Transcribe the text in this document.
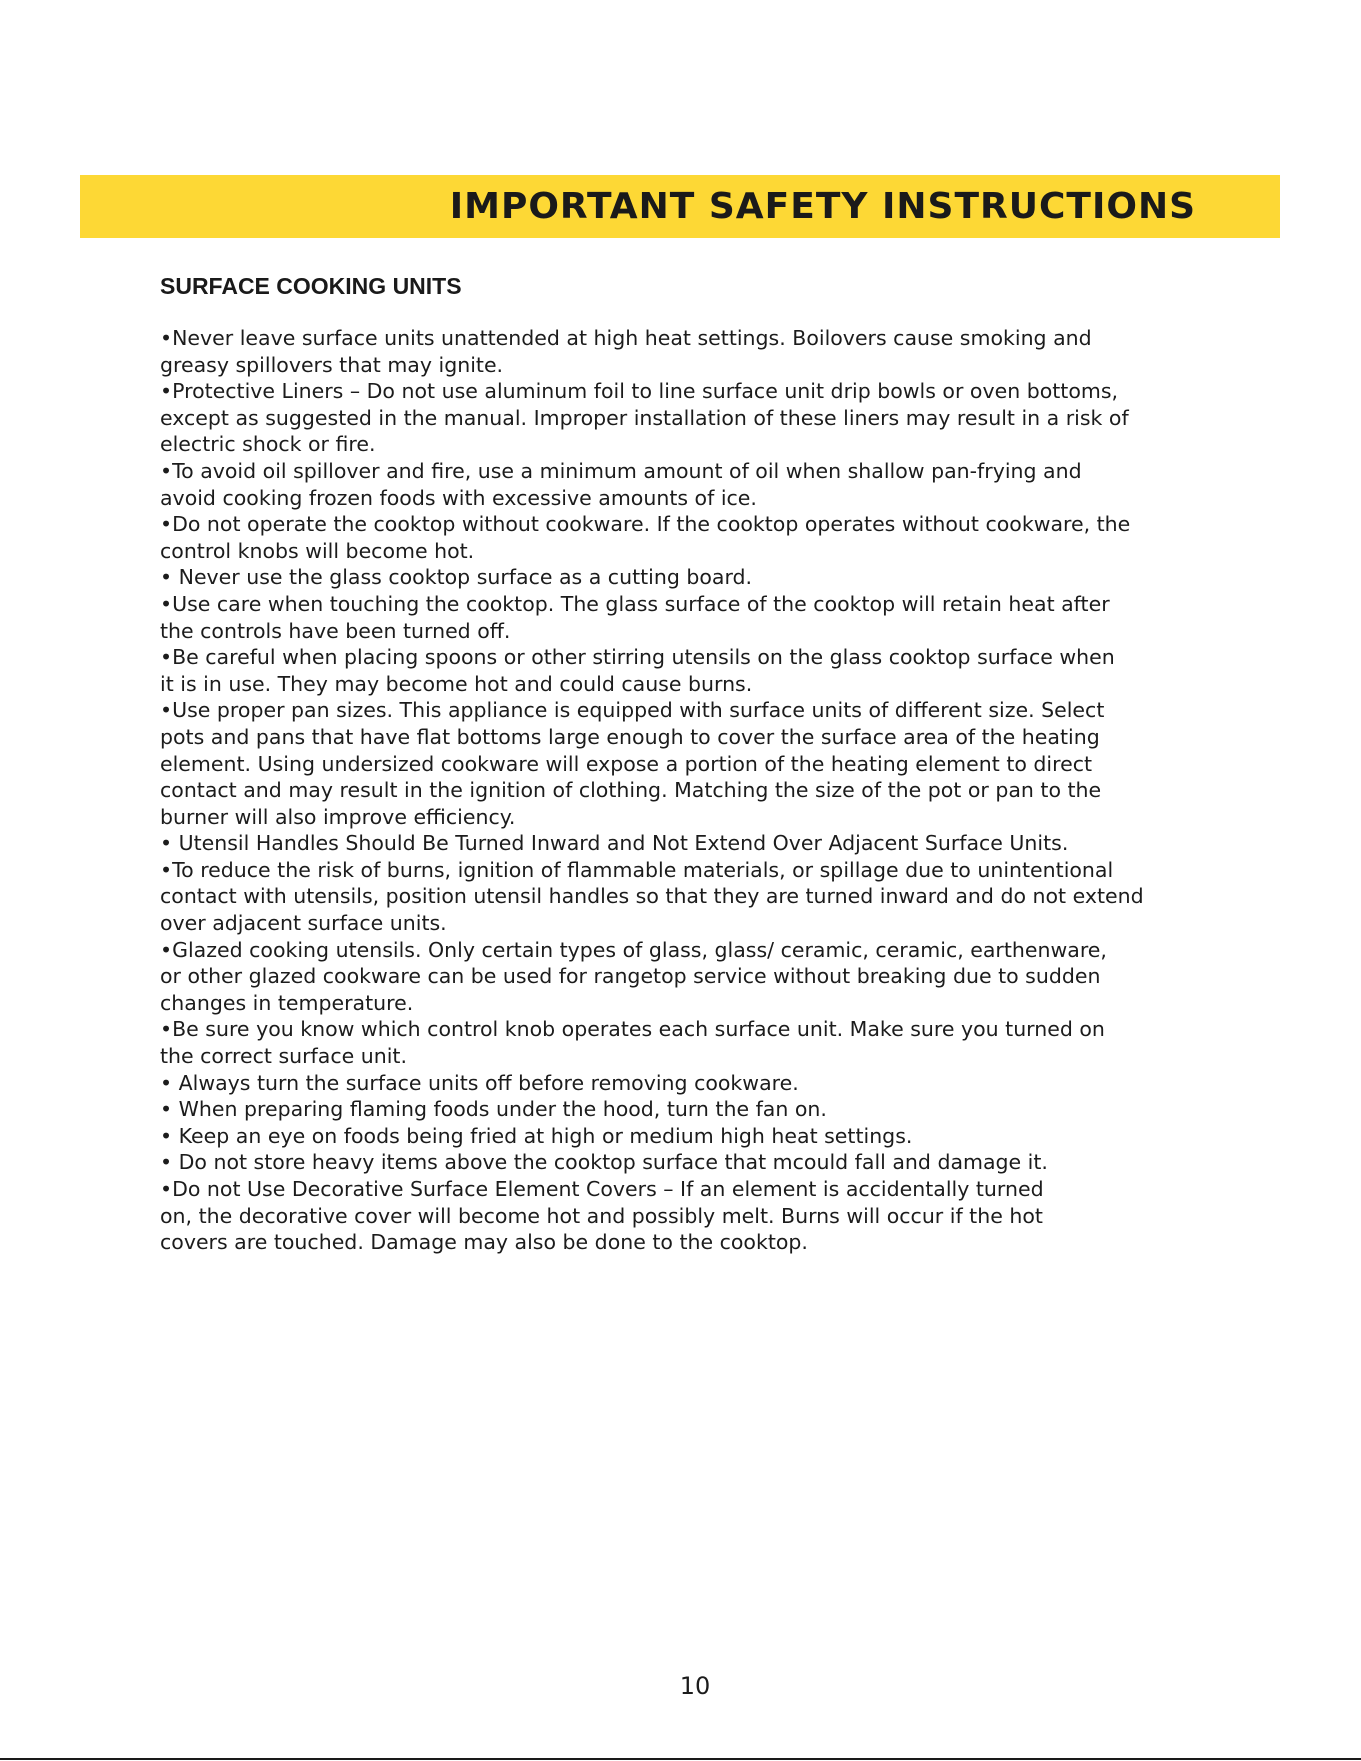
IMPORTANT SAFETY INSTRUCTIONS
SURFACE COOKING UNITS
•Never leave surface units unattended at high heat settings. Boilovers cause smoking and
greasy spillovers that may ignite.
•Protective Liners – Do not use aluminum foil to line surface unit drip bowls or oven bottoms,
except as suggested in the manual. Improper installation of these liners may result in a risk of
electric shock or fire.
•To avoid oil spillover and fire, use a minimum amount of oil when shallow pan-frying and
avoid cooking frozen foods with excessive amounts of ice.
•Do not operate the cooktop without cookware. If the cooktop operates without cookware, the
control knobs will become hot.
• Never use the glass cooktop surface as a cutting board.
•Use care when touching the cooktop. The glass surface of the cooktop will retain heat after
the controls have been turned off.
•Be careful when placing spoons or other stirring utensils on the glass cooktop surface when
it is in use. They may become hot and could cause burns.
•Use proper pan sizes. This appliance is equipped with surface units of different size. Select
pots and pans that have flat bottoms large enough to cover the surface area of the heating
element. Using undersized cookware will expose a portion of the heating element to direct
contact and may result in the ignition of clothing. Matching the size of the pot or pan to the
burner will also improve efficiency.
• Utensil Handles Should Be Turned Inward and Not Extend Over Adjacent Surface Units.
•To reduce the risk of burns, ignition of flammable materials, or spillage due to unintentional
contact with utensils, position utensil handles so that they are turned inward and do not extend
over adjacent surface units.
•Glazed cooking utensils. Only certain types of glass, glass/ ceramic, ceramic, earthenware,
or other glazed cookware can be used for rangetop service without breaking due to sudden
changes in temperature.
•Be sure you know which control knob operates each surface unit. Make sure you turned on
the correct surface unit.
• Always turn the surface units off before removing cookware.
• When preparing flaming foods under the hood, turn the fan on.
• Keep an eye on foods being fried at high or medium high heat settings.
• Do not store heavy items above the cooktop surface that mcould fall and damage it.
•Do not Use Decorative Surface Element Covers – If an element is accidentally turned
on, the decorative cover will become hot and possibly melt. Burns will occur if the hot
covers are touched. Damage may also be done to the cooktop.
10
